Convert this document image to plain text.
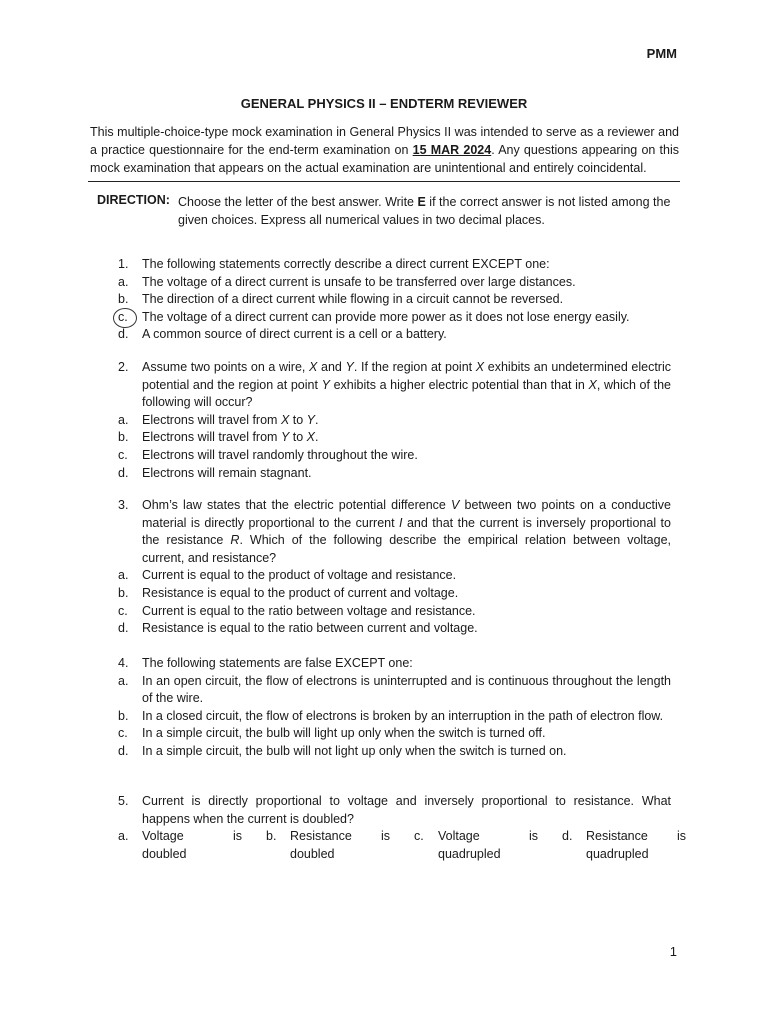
PMM
GENERAL PHYSICS II – ENDTERM REVIEWER
This multiple-choice-type mock examination in General Physics II was intended to serve as a reviewer and a practice questionnaire for the end-term examination on 15 MAR 2024. Any questions appearing on this mock examination that appears on the actual examination are unintentional and entirely coincidental.
DIRECTION: Choose the letter of the best answer. Write E if the correct answer is not listed among the given choices. Express all numerical values in two decimal places.
1.	The following statements correctly describe a direct current EXCEPT one:
a.	The voltage of a direct current is unsafe to be transferred over large distances.
b.	The direction of a direct current while flowing in a circuit cannot be reversed.
c.	The voltage of a direct current can provide more power as it does not lose energy easily.
d.	A common source of direct current is a cell or a battery.
2.	Assume two points on a wire, X and Y. If the region at point X exhibits an undetermined electric potential and the region at point Y exhibits a higher electric potential than that in X, which of the following will occur?
a.	Electrons will travel from X to Y.
b.	Electrons will travel from Y to X.
c.	Electrons will travel randomly throughout the wire.
d.	Electrons will remain stagnant.
3.	Ohm’s law states that the electric potential difference V between two points on a conductive material is directly proportional to the current I and that the current is inversely proportional to the resistance R. Which of the following describe the empirical relation between voltage, current, and resistance?
a.	Current is equal to the product of voltage and resistance.
b.	Resistance is equal to the product of current and voltage.
c.	Current is equal to the ratio between voltage and resistance.
d.	Resistance is equal to the ratio between current and voltage.
4.	The following statements are false EXCEPT one:
a.	In an open circuit, the flow of electrons is uninterrupted and is continuous throughout the length of the wire.
b.	In a closed circuit, the flow of electrons is broken by an interruption in the path of electron flow.
c.	In a simple circuit, the bulb will light up only when the switch is turned off.
d.	In a simple circuit, the bulb will not light up only when the switch is turned on.
5.	Current is directly proportional to voltage and inversely proportional to resistance. What happens when the current is doubled?
a.	Voltage is
doubled
b.	Resistance is
doubled
c.	Voltage is
quadrupled
d.	Resistance is
quadrupled
1
